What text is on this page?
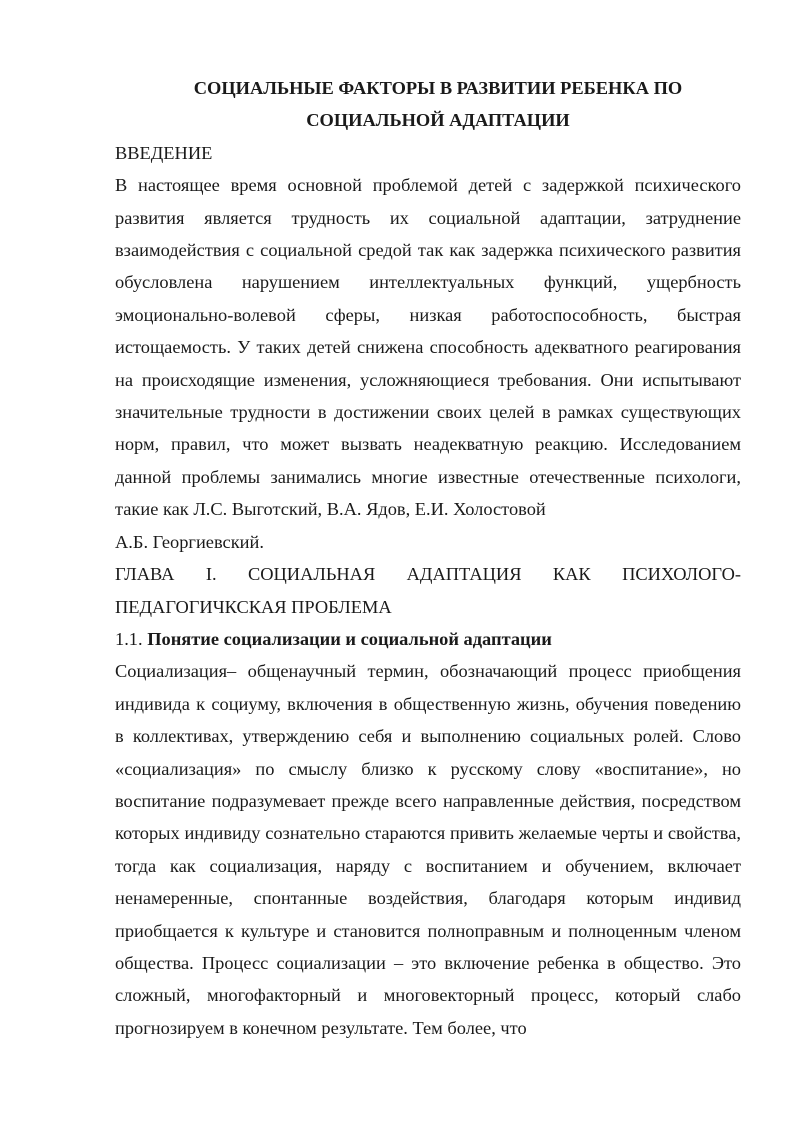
СОЦИАЛЬНЫЕ ФАКТОРЫ В РАЗВИТИИ РЕБЕНКА ПО

СОЦИАЛЬНОЙ АДАПТАЦИИ

ВВЕДЕНИЕ

В настоящее время основной проблемой детей с задержкой психического развития является трудность их социальной адаптации, затруднение взаимодействия с социальной средой так как задержка психического развития обусловлена нарушением интеллектуальных функций, ущербность эмоционально-волевой сферы, низкая работоспособность, быстрая истощаемость. У таких детей снижена способность адекватного реагирования на происходящие изменения, усложняющиеся требования. Они испытывают значительные трудности в достижении своих целей в рамках существующих норм, правил, что может вызвать неадекватную реакцию. Исследованием данной проблемы занимались многие известные отечественные психологи, такие как Л.С. Выготский, В.А. Ядов, Е.И. Холостовой

А.Б. Георгиевский.

ГЛАВА I. СОЦИАЛЬНАЯ АДАПТАЦИЯ КАК ПСИХОЛОГО-ПЕДАГОГИЧКСКАЯ ПРОБЛЕМА

1.1. Понятие социализации и социальной адаптации

Социализация– общенаучный термин, обозначающий процесс приобщения индивида к социуму, включения в общественную жизнь, обучения поведению в коллективах, утверждению себя и выполнению социальных ролей. Слово «социализация» по смыслу близко к русскому слову «воспитание», но воспитание подразумевает прежде всего направленные действия, посредством которых индивиду сознательно стараются привить желаемые черты и свойства, тогда как социализация, наряду с воспитанием и обучением, включает ненамеренные, спонтанные воздействия, благодаря которым индивид приобщается к культуре и становится полноправным и полноценным членом общества. Процесс социализации – это включение ребенка в общество. Это сложный, многофакторный и многовекторный процесс, который слабо прогнозируем в конечном результате. Тем более, что
